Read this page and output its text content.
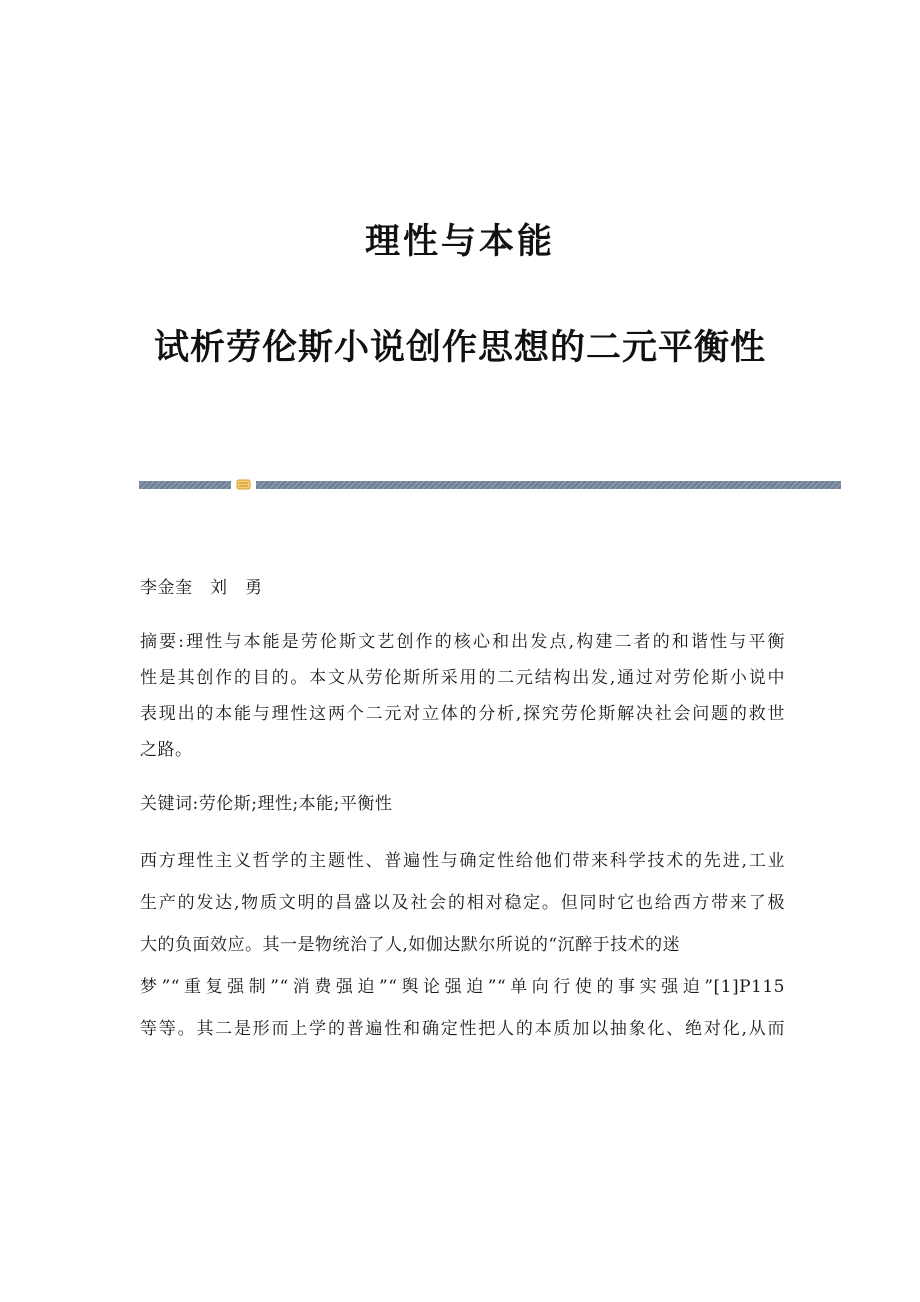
理性与本能
试析劳伦斯小说创作思想的二元平衡性

李金奎　刘　勇

摘要:理性与本能是劳伦斯文艺创作的核心和出发点,构建二者的和谐性与平衡
性是其创作的目的。本文从劳伦斯所采用的二元结构出发,通过对劳伦斯小说中
表现出的本能与理性这两个二元对立体的分析,探究劳伦斯解决社会问题的救世
之路。

关键词:劳伦斯;理性;本能;平衡性

西方理性主义哲学的主题性、普遍性与确定性给他们带来科学技术的先进,工业
生产的发达,物质文明的昌盛以及社会的相对稳定。但同时它也给西方带来了极
大的负面效应。其一是物统治了人,如伽达默尔所说的“沉醉于技术的迷
梦”“重复强制”“消费强迫”“舆论强迫”“单向行使的事实强迫”[1]P115
等等。其二是形而上学的普遍性和确定性把人的本质加以抽象化、绝对化,从而
